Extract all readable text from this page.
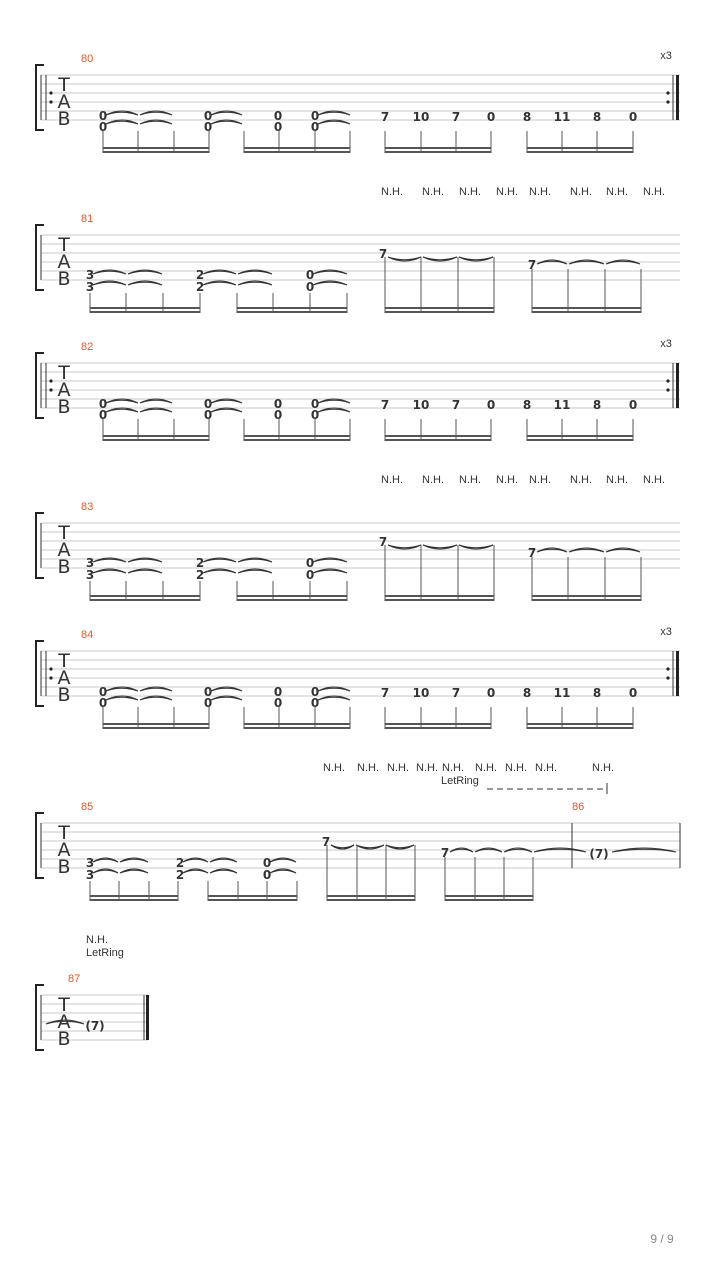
T
A
B
80	x3
0
0
0
0
0
0
0
0
7 10 7 0 8 11 8 0
T
A
B
81
N.H. N.H. N.H. N.H. N.H. N.H. N.H. N.H.
3
3
2
2
0
0
7
7
T
A
B
82	x3
0
0
0
0
0
0
0
0
7 10 7 0 8 11 8 0
T
A
B
83
N.H. N.H. N.H. N.H. N.H. N.H. N.H. N.H.
3
3
2
2
0
0
7
7
T
A
B
84	x3
0
0
0
0
0
0
0
0
7 10 7 0 8 11 8 0
T
A
B
85	86
N.H. N.H. N.H. N.H. N.H. N.H. N.H. N.H.	N.H.
LetRing
3
3
2
2
0
0
7
7	(7)
T
A
B
87
N.H.
LetRing
(7)
9 / 9
